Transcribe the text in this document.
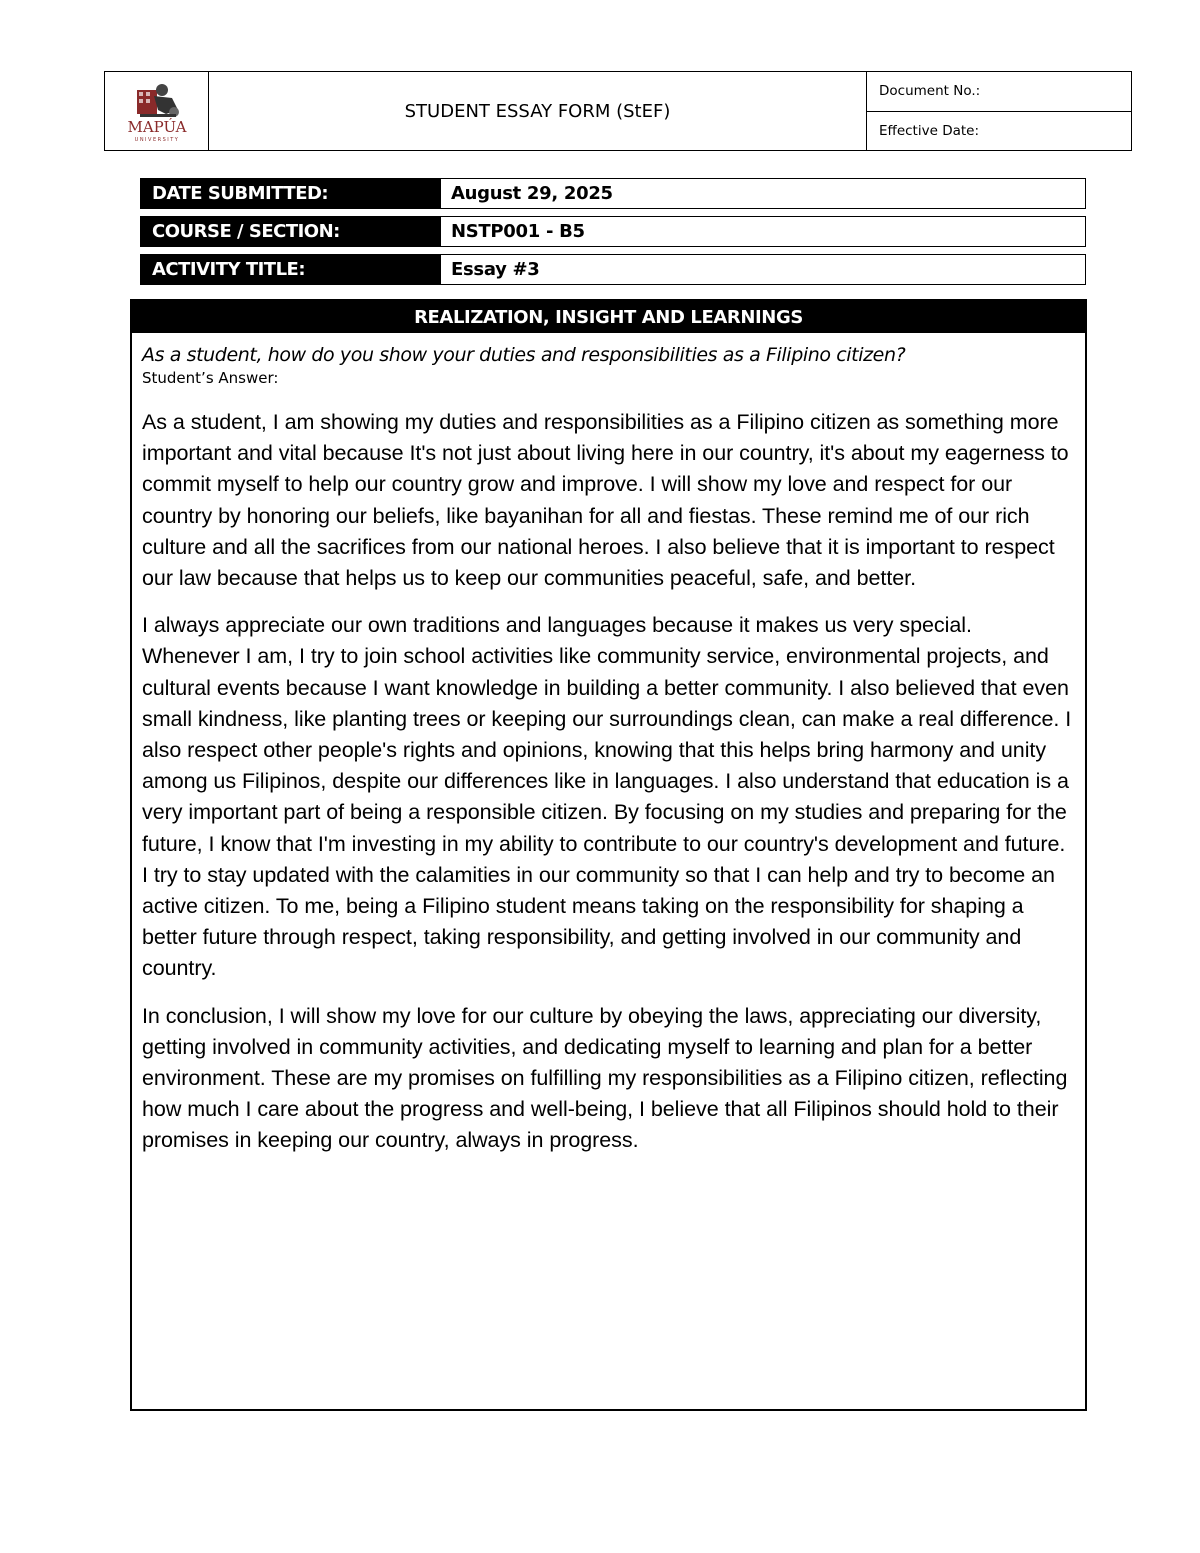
MAPÚA
UNIVERSITY
STUDENT ESSAY FORM (StEF)
Document No.:
Effective Date:
DATE SUBMITTED:	August 29, 2025
COURSE / SECTION:	NSTP001 - B5
ACTIVITY TITLE:	Essay #3
REALIZATION, INSIGHT AND LEARNINGS
As a student, how do you show your duties and responsibilities as a Filipino citizen?
Student’s Answer:

As a student, I am showing my duties and responsibilities as a Filipino citizen as something more important and vital because It's not just about living here in our country, it's about my eagerness to commit myself to help our country grow and improve. I will show my love and respect for our country by honoring our beliefs, like bayanihan for all and fiestas. These remind me of our rich culture and all the sacrifices from our national heroes. I also believe that it is important to respect our law because that helps us to keep our communities peaceful, safe, and better.

I always appreciate our own traditions and languages because it makes us very special. Whenever I am, I try to join school activities like community service, environmental projects, and cultural events because I want knowledge in building a better community. I also believed that even small kindness, like planting trees or keeping our surroundings clean, can make a real difference. I also respect other people's rights and opinions, knowing that this helps bring harmony and unity among us Filipinos, despite our differences like in languages. I also understand that education is a very important part of being a responsible citizen. By focusing on my studies and preparing for the future, I know that I'm investing in my ability to contribute to our country's development and future. I try to stay updated with the calamities in our community so that I can help and try to become an active citizen. To me, being a Filipino student means taking on the responsibility for shaping a better future through respect, taking responsibility, and getting involved in our community and country.

In conclusion, I will show my love for our culture by obeying the laws, appreciating our diversity, getting involved in community activities, and dedicating myself to learning and plan for a better environment. These are my promises on fulfilling my responsibilities as a Filipino citizen, reflecting how much I care about the progress and well-being, I believe that all Filipinos should hold to their promises in keeping our country, always in progress.
